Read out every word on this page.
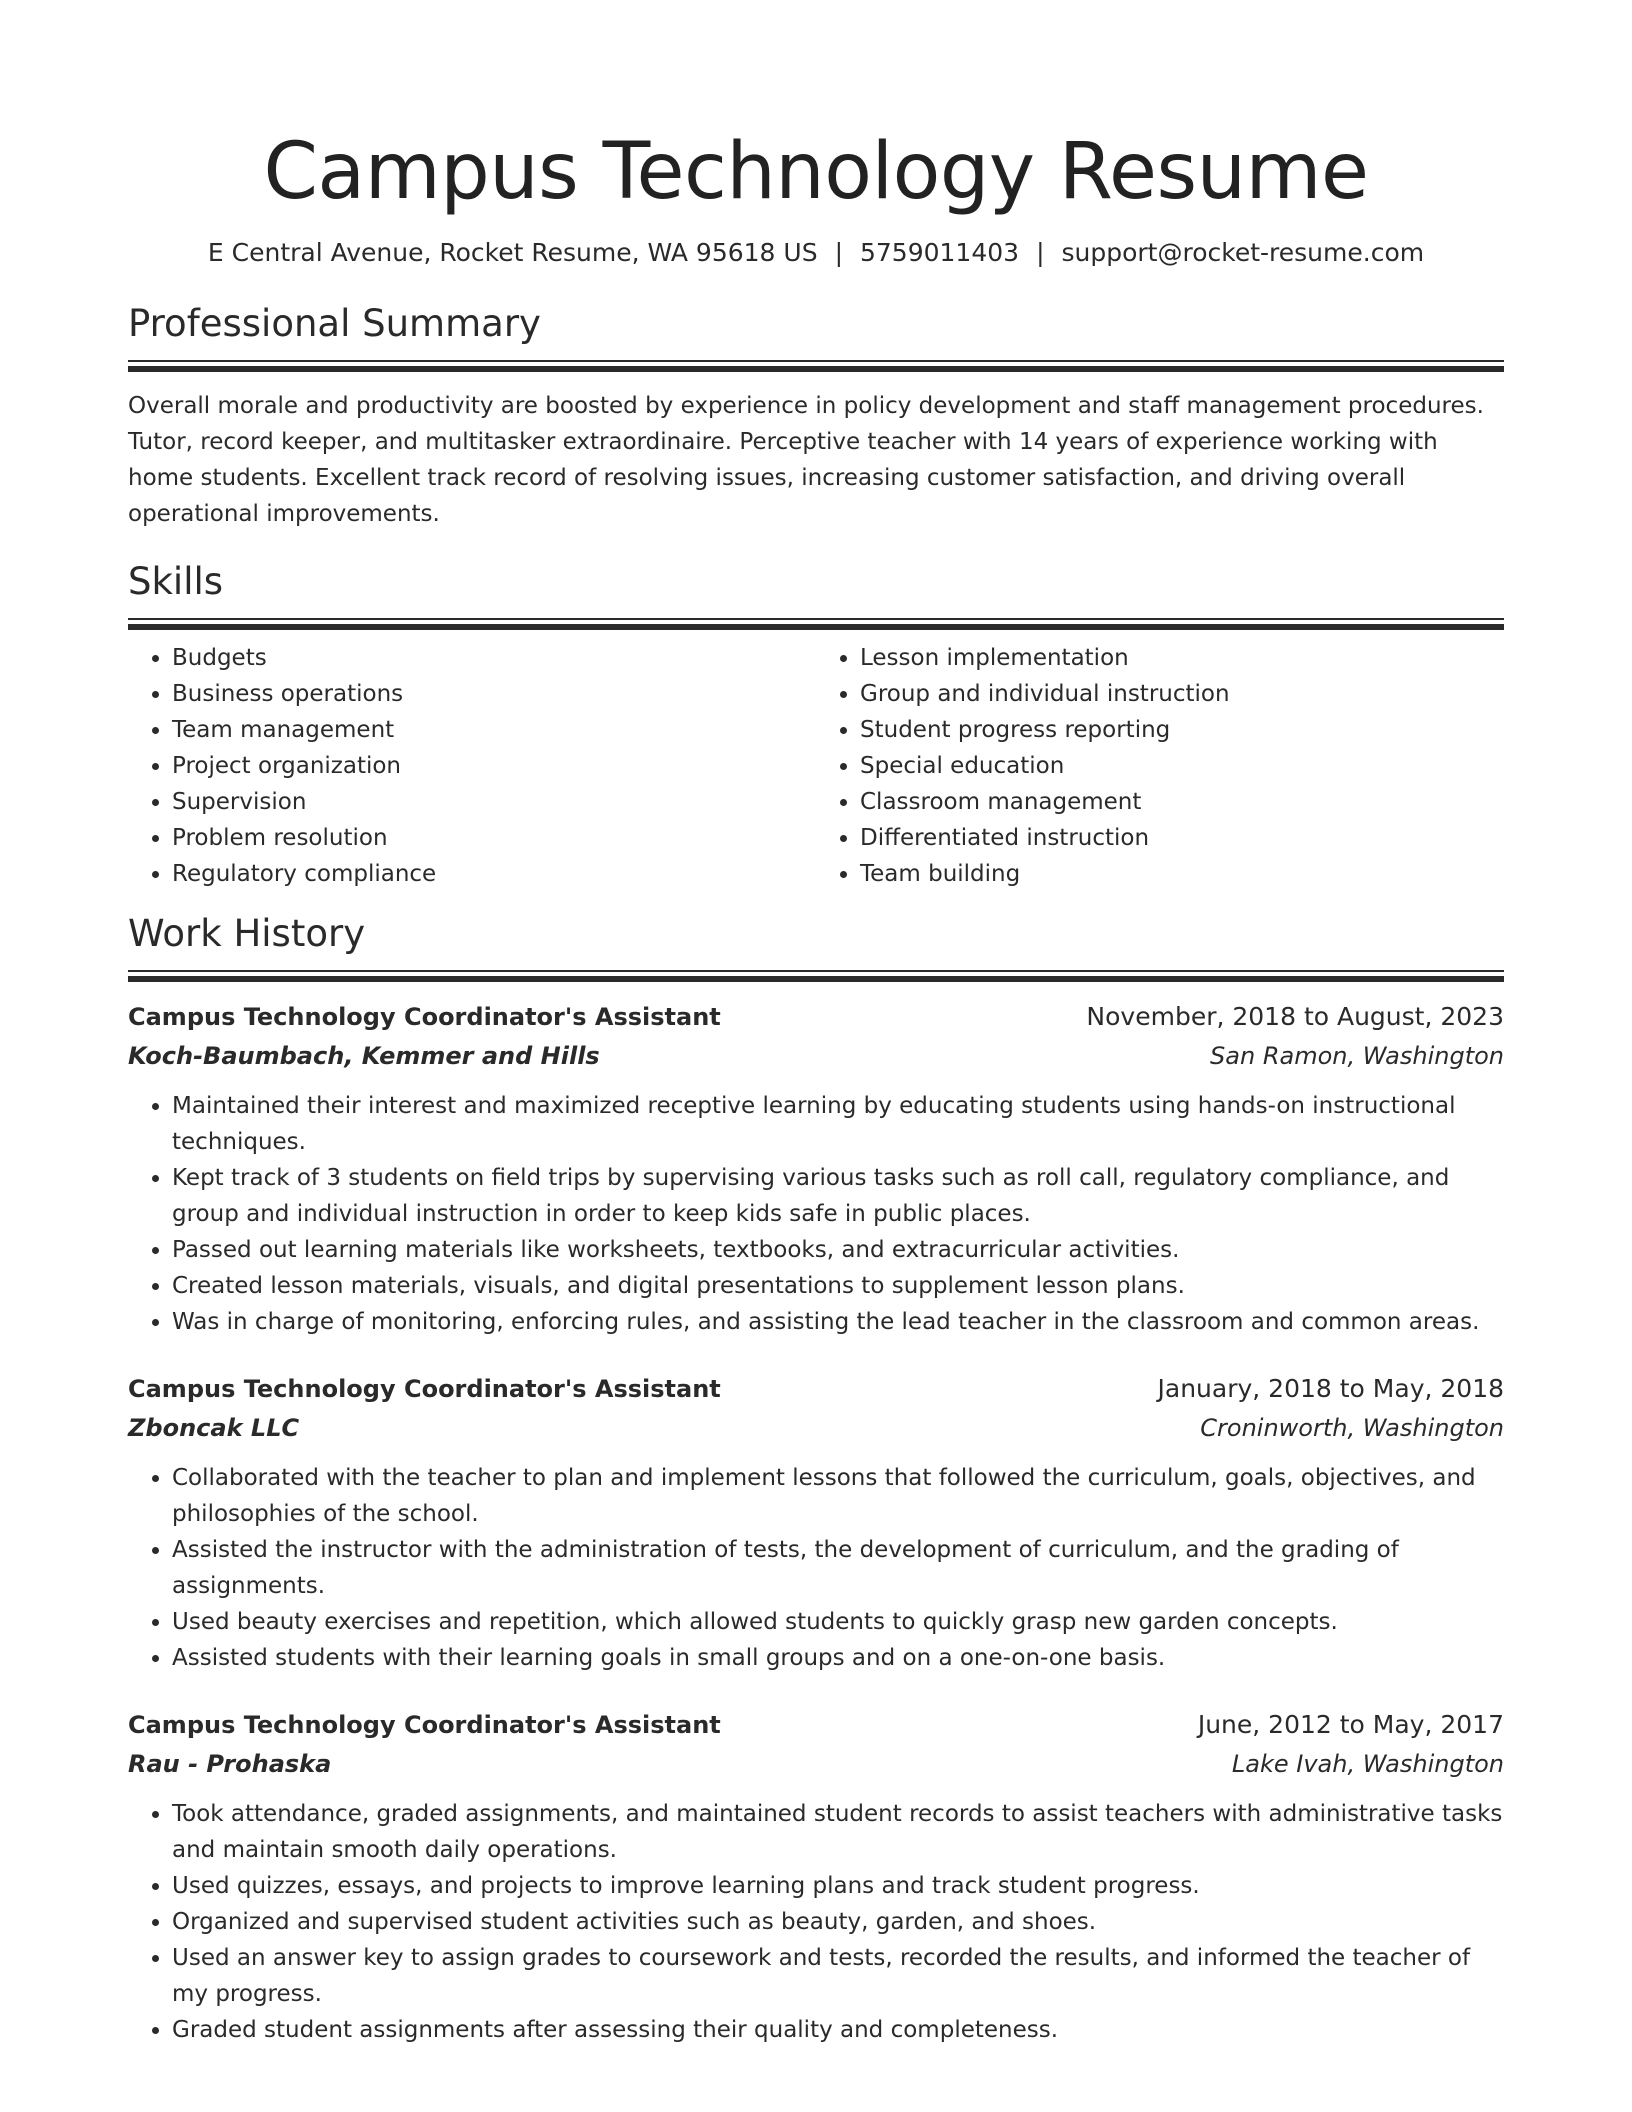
Campus Technology Resume
E Central Avenue, Rocket Resume, WA 95618 US | 5759011403 | support@rocket-resume.com
Professional Summary

Overall morale and productivity are boosted by experience in policy development and staff management procedures. Tutor, record keeper, and multitasker extraordinaire. Perceptive teacher with 14 years of experience working with home students. Excellent track record of resolving issues, increasing customer satisfaction, and driving overall operational improvements.

Skills
• Budgets
• Business operations
• Team management
• Project organization
• Supervision
• Problem resolution
• Regulatory compliance
• Lesson implementation
• Group and individual instruction
• Student progress reporting
• Special education
• Classroom management
• Differentiated instruction
• Team building
Work History
Campus Technology Coordinator's Assistant	November, 2018 to August, 2023
Koch-Baumbach, Kemmer and Hills	San Ramon, Washington
• Maintained their interest and maximized receptive learning by educating students using hands-on instructional techniques.
• Kept track of 3 students on field trips by supervising various tasks such as roll call, regulatory compliance, and group and individual instruction in order to keep kids safe in public places.
• Passed out learning materials like worksheets, textbooks, and extracurricular activities.
• Created lesson materials, visuals, and digital presentations to supplement lesson plans.
• Was in charge of monitoring, enforcing rules, and assisting the lead teacher in the classroom and common areas.
Campus Technology Coordinator's Assistant	January, 2018 to May, 2018
Zboncak LLC	Croninworth, Washington
• Collaborated with the teacher to plan and implement lessons that followed the curriculum, goals, objectives, and philosophies of the school.
• Assisted the instructor with the administration of tests, the development of curriculum, and the grading of assignments.
• Used beauty exercises and repetition, which allowed students to quickly grasp new garden concepts.
• Assisted students with their learning goals in small groups and on a one-on-one basis.
Campus Technology Coordinator's Assistant	June, 2012 to May, 2017
Rau - Prohaska	Lake Ivah, Washington
• Took attendance, graded assignments, and maintained student records to assist teachers with administrative tasks and maintain smooth daily operations.
• Used quizzes, essays, and projects to improve learning plans and track student progress.
• Organized and supervised student activities such as beauty, garden, and shoes.
• Used an answer key to assign grades to coursework and tests, recorded the results, and informed the teacher of my progress.
• Graded student assignments after assessing their quality and completeness.
